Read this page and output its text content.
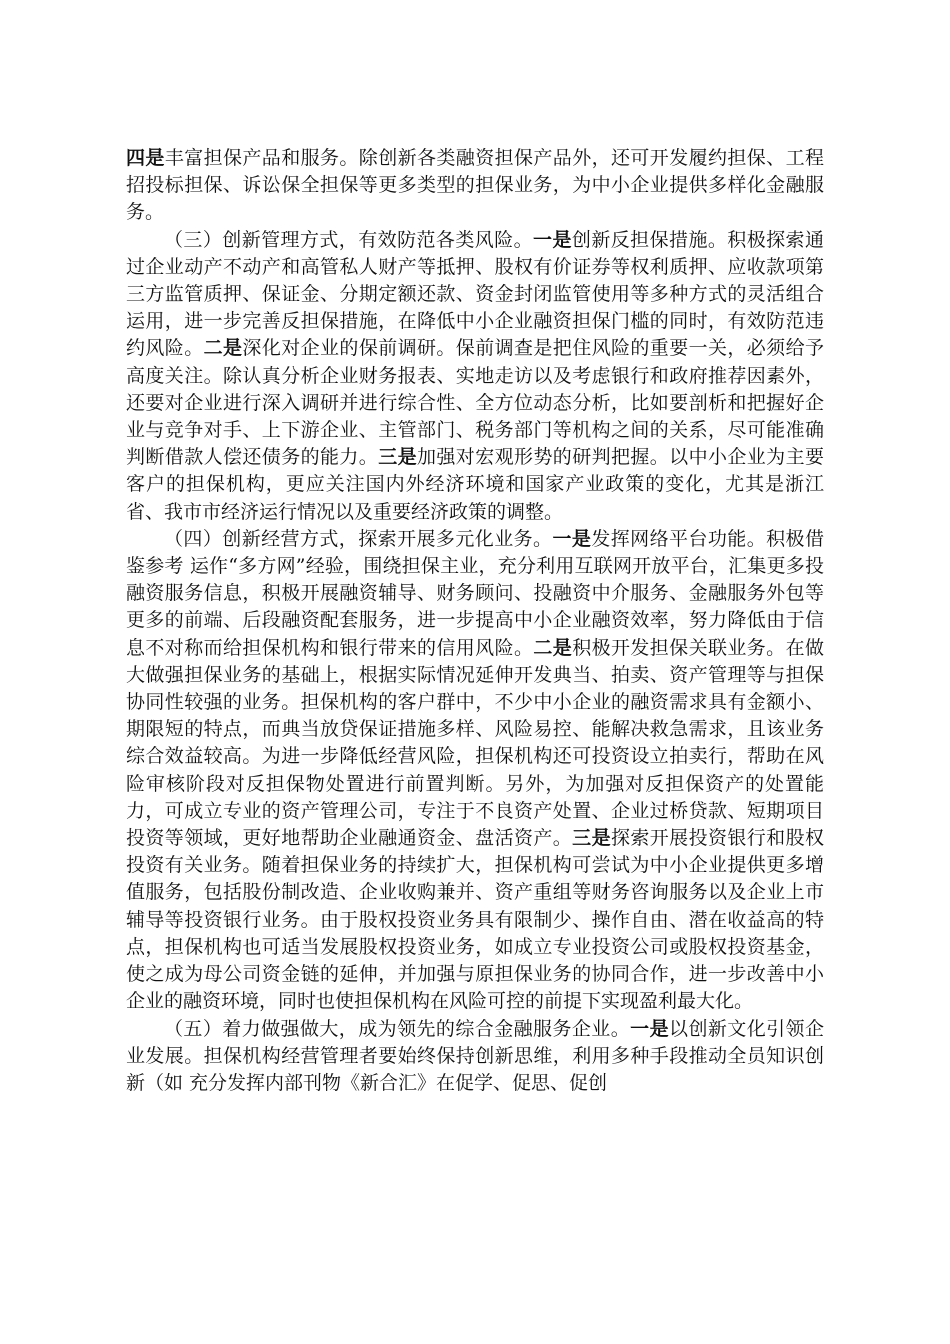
四是丰富担保产品和服务。除创新各类融资担保产品外，还可开发履约担保、工程招投标担保、诉讼保全担保等更多类型的担保业务，为中小企业提供多样化金融服务。

（三）创新管理方式，有效防范各类风险。一是创新反担保措施。积极探索通过企业动产不动产和高管私人财产等抵押、股权有价证券等权利质押、应收款项第三方监管质押、保证金、分期定额还款、资金封闭监管使用等多种方式的灵活组合运用，进一步完善反担保措施，在降低中小企业融资担保门槛的同时，有效防范违约风险。二是深化对企业的保前调研。保前调查是把住风险的重要一关，必须给予高度关注。除认真分析企业财务报表、实地走访以及考虑银行和政府推荐因素外，还要对企业进行深入调研并进行综合性、全方位动态分析，比如要剖析和把握好企业与竞争对手、上下游企业、主管部门、税务部门等机构之间的关系，尽可能准确判断借款人偿还债务的能力。三是加强对宏观形势的研判把握。以中小企业为主要客户的担保机构，更应关注国内外经济环境和国家产业政策的变化，尤其是浙江省、我市市经济运行情况以及重要经济政策的调整。

（四）创新经营方式，探索开展多元化业务。一是发挥网络平台功能。积极借鉴参考 运作“多方网”经验，围绕担保主业，充分利用互联网开放平台，汇集更多投融资服务信息，积极开展融资辅导、财务顾问、投融资中介服务、金融服务外包等更多的前端、后段融资配套服务，进一步提高中小企业融资效率，努力降低由于信息不对称而给担保机构和银行带来的信用风险。二是积极开发担保关联业务。在做大做强担保业务的基础上，根据实际情况延伸开发典当、拍卖、资产管理等与担保协同性较强的业务。担保机构的客户群中，不少中小企业的融资需求具有金额小、期限短的特点，而典当放贷保证措施多样、风险易控、能解决救急需求，且该业务综合效益较高。为进一步降低经营风险，担保机构还可投资设立拍卖行，帮助在风险审核阶段对反担保物处置进行前置判断。另外，为加强对反担保资产的处置能力，可成立专业的资产管理公司，专注于不良资产处置、企业过桥贷款、短期项目投资等领域，更好地帮助企业融通资金、盘活资产。三是探索开展投资银行和股权投资有关业务。随着担保业务的持续扩大，担保机构可尝试为中小企业提供更多增值服务，包括股份制改造、企业收购兼并、资产重组等财务咨询服务以及企业上市辅导等投资银行业务。由于股权投资业务具有限制少、操作自由、潜在收益高的特点，担保机构也可适当发展股权投资业务，如成立专业投资公司或股权投资基金，使之成为母公司资金链的延伸，并加强与原担保业务的协同合作，进一步改善中小企业的融资环境，同时也使担保机构在风险可控的前提下实现盈利最大化。

（五）着力做强做大，成为领先的综合金融服务企业。一是以创新文化引领企业发展。担保机构经营管理者要始终保持创新思维，利用多种手段推动全员知识创新（如 充分发挥内部刊物《新合汇》在促学、促思、促创
